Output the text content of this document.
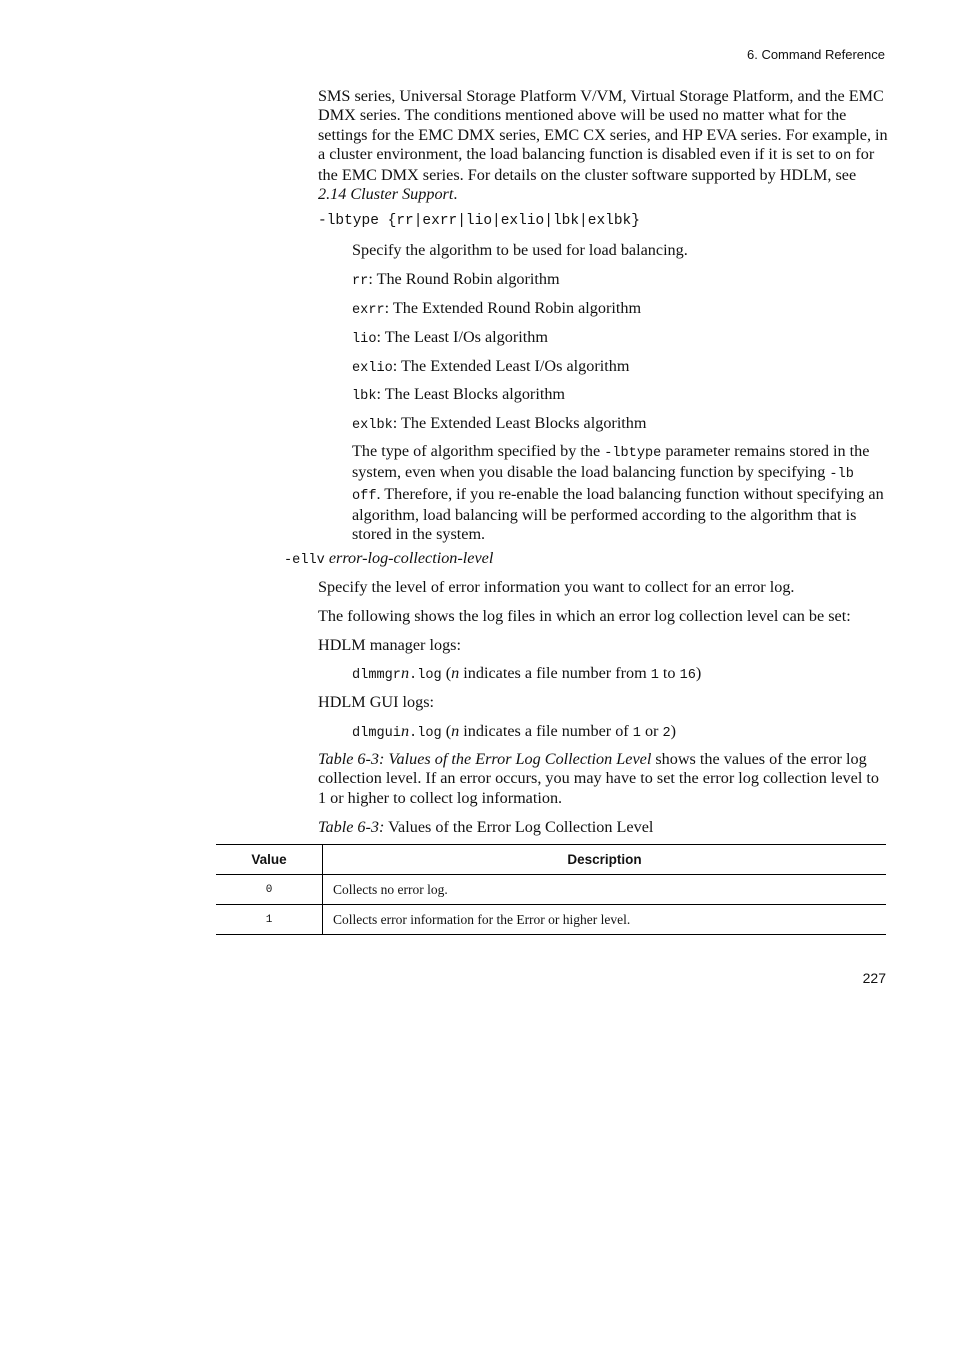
6. Command Reference

SMS series, Universal Storage Platform V/VM, Virtual Storage Platform, and the EMC DMX series. The conditions mentioned above will be used no matter what for the settings for the EMC DMX series, EMC CX series, and HP EVA series. For example, in a cluster environment, the load balancing function is disabled even if it is set to on for the EMC DMX series. For details on the cluster software supported by HDLM, see 2.14 Cluster Support.

-lbtype {rr|exrr|lio|exlio|lbk|exlbk}
Specify the algorithm to be used for load balancing.
rr: The Round Robin algorithm
exrr: The Extended Round Robin algorithm
lio: The Least I/Os algorithm
exlio: The Extended Least I/Os algorithm
lbk: The Least Blocks algorithm
exlbk: The Extended Least Blocks algorithm

The type of algorithm specified by the -lbtype parameter remains stored in the system, even when you disable the load balancing function by specifying -lb off. Therefore, if you re-enable the load balancing function without specifying an algorithm, load balancing will be performed according to the algorithm that is stored in the system.

-ellv error-log-collection-level
Specify the level of error information you want to collect for an error log.
The following shows the log files in which an error log collection level can be set:
HDLM manager logs:
dlmmgrn.log (n indicates a file number from 1 to 16)
HDLM GUI logs:
dlmguin.log (n indicates a file number of 1 or 2)

Table 6-3: Values of the Error Log Collection Level shows the values of the error log collection level. If an error occurs, you may have to set the error log collection level to 1 or higher to collect log information.

Table 6-3: Values of the Error Log Collection Level
Value	Description
0	Collects no error log.
1	Collects error information for the Error or higher level.
227
